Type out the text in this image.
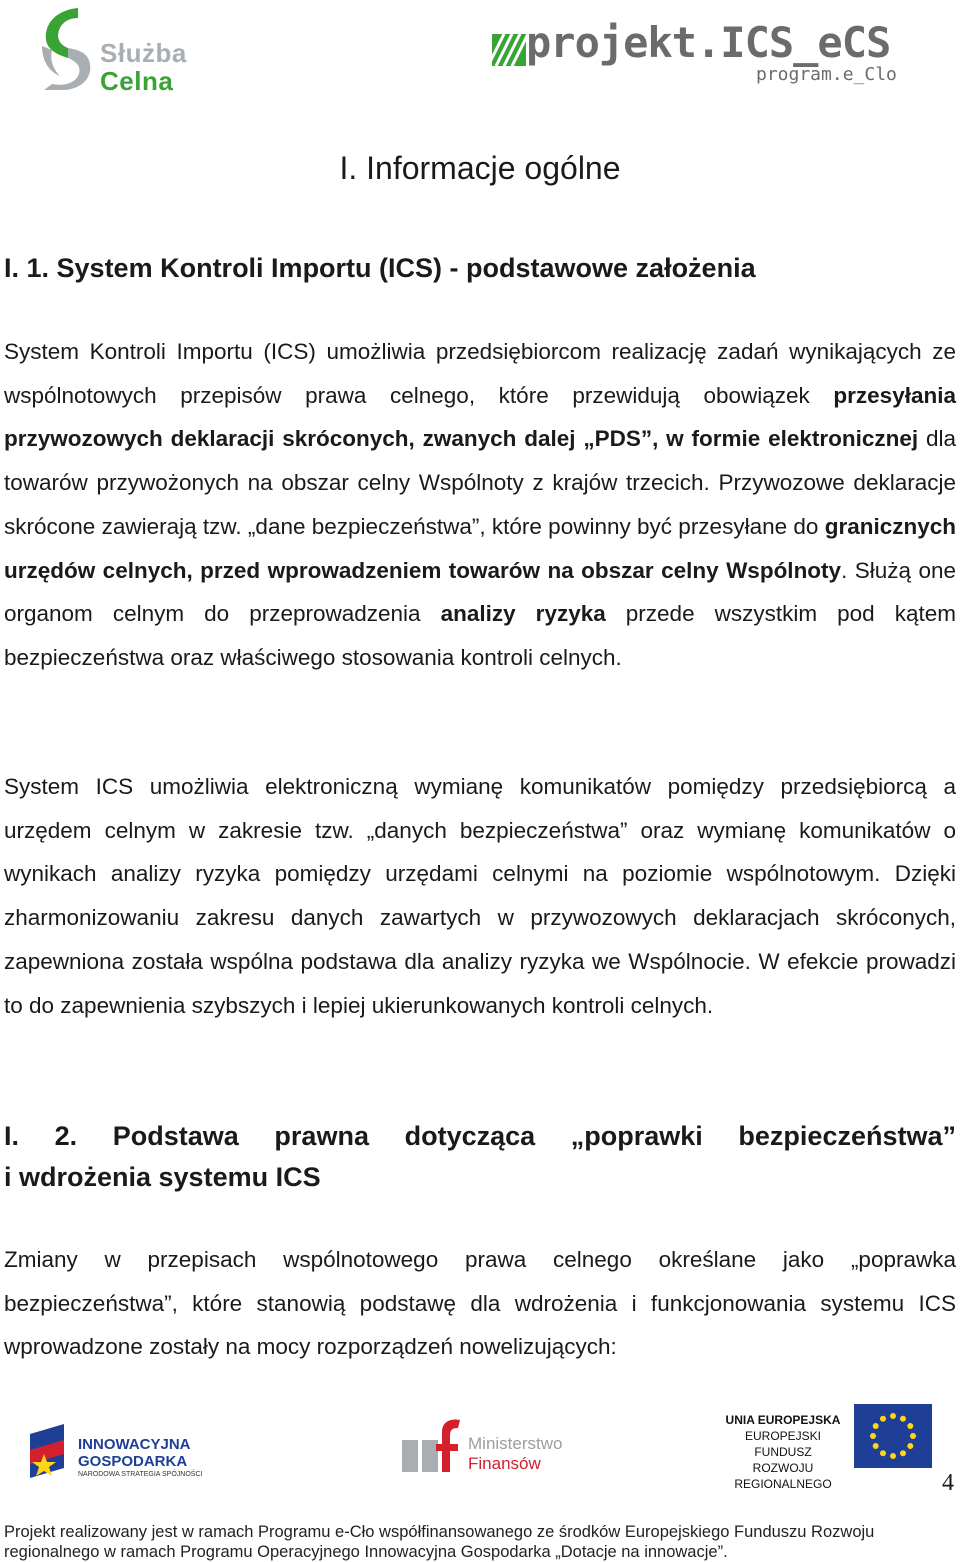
Służba
Celna
projekt.ICS_eCS
program.e_Clo
I. Informacje ogólne
I. 1. System Kontroli Importu (ICS) - podstawowe założenia
System Kontroli Importu (ICS) umożliwia przedsiębiorcom realizację zadań wynikających ze wspólnotowych przepisów prawa celnego, które przewidują obowiązek przesyłania przywozowych deklaracji skróconych, zwanych dalej „PDS”, w formie elektronicznej dla towarów przywożonych na obszar celny Wspólnoty z krajów trzecich. Przywozowe deklaracje skrócone zawierają tzw. „dane bezpieczeństwa”, które powinny być przesyłane do granicznych urzędów celnych, przed wprowadzeniem towarów na obszar celny Wspólnoty. Służą one organom celnym do przeprowadzenia analizy ryzyka przede wszystkim pod kątem bezpieczeństwa oraz właściwego stosowania kontroli celnych.
System ICS umożliwia elektroniczną wymianę komunikatów pomiędzy przedsiębiorcą a urzędem celnym w zakresie tzw. „danych bezpieczeństwa” oraz wymianę komunikatów o wynikach analizy ryzyka pomiędzy urzędami celnymi na poziomie wspólnotowym. Dzięki zharmonizowaniu zakresu danych zawartych w przywozowych deklaracjach skróconych, zapewniona została wspólna podstawa dla analizy ryzyka we Wspólnocie. W efekcie prowadzi to do zapewnienia szybszych i lepiej ukierunkowanych kontroli celnych.
I. 2. Podstawa prawna dotycząca „poprawki bezpieczeństwa”
i wdrożenia systemu ICS
Zmiany w przepisach wspólnotowego prawa celnego określane jako „poprawka bezpieczeństwa”, które stanowią podstawę dla wdrożenia i funkcjonowania systemu ICS wprowadzone zostały na mocy rozporządzeń nowelizujących:
INNOWACYJNA
GOSPODARKA
NARODOWA STRATEGIA SPÓJNOŚCI
Ministerstwo
Finansów
UNIA EUROPEJSKA
EUROPEJSKI FUNDUSZ
ROZWOJU REGIONALNEGO	4
Projekt realizowany jest w ramach Programu e-Cło współfinansowanego ze środków Europejskiego Funduszu Rozwoju regionalnego w ramach Programu Operacyjnego Innowacyjna Gospodarka „Dotacje na innowacje”.
